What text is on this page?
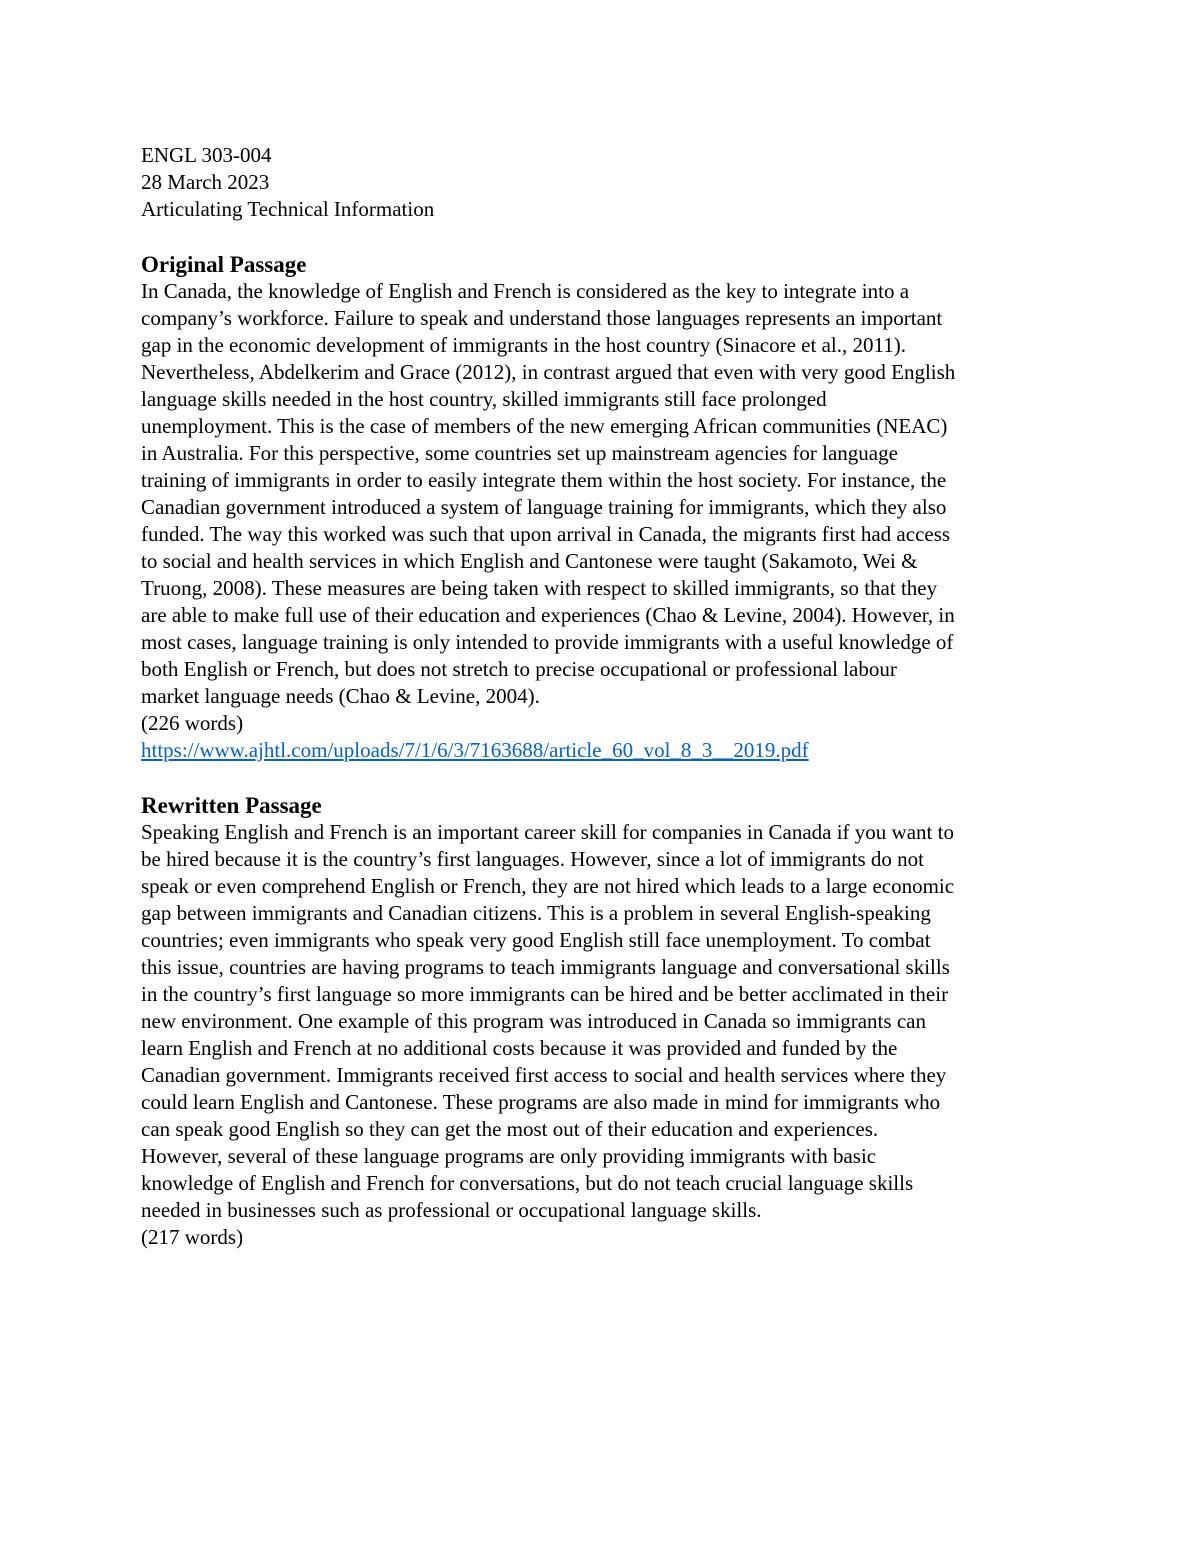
ENGL 303-004
28 March 2023
Articulating Technical Information
Original Passage
In Canada, the knowledge of English and French is considered as the key to integrate into a
company’s workforce. Failure to speak and understand those languages represents an important
gap in the economic development of immigrants in the host country (Sinacore et al., 2011).
Nevertheless, Abdelkerim and Grace (2012), in contrast argued that even with very good English
language skills needed in the host country, skilled immigrants still face prolonged
unemployment. This is the case of members of the new emerging African communities (NEAC)
in Australia. For this perspective, some countries set up mainstream agencies for language
training of immigrants in order to easily integrate them within the host society. For instance, the
Canadian government introduced a system of language training for immigrants, which they also
funded. The way this worked was such that upon arrival in Canada, the migrants first had access
to social and health services in which English and Cantonese were taught (Sakamoto, Wei &
Truong, 2008). These measures are being taken with respect to skilled immigrants, so that they
are able to make full use of their education and experiences (Chao & Levine, 2004). However, in
most cases, language training is only intended to provide immigrants with a useful knowledge of
both English or French, but does not stretch to precise occupational or professional labour
market language needs (Chao & Levine, 2004).
(226 words)
https://www.ajhtl.com/uploads/7/1/6/3/7163688/article_60_vol_8_3__2019.pdf
Rewritten Passage
Speaking English and French is an important career skill for companies in Canada if you want to
be hired because it is the country’s first languages. However, since a lot of immigrants do not
speak or even comprehend English or French, they are not hired which leads to a large economic
gap between immigrants and Canadian citizens. This is a problem in several English-speaking
countries; even immigrants who speak very good English still face unemployment. To combat
this issue, countries are having programs to teach immigrants language and conversational skills
in the country’s first language so more immigrants can be hired and be better acclimated in their
new environment. One example of this program was introduced in Canada so immigrants can
learn English and French at no additional costs because it was provided and funded by the
Canadian government. Immigrants received first access to social and health services where they
could learn English and Cantonese. These programs are also made in mind for immigrants who
can speak good English so they can get the most out of their education and experiences.
However, several of these language programs are only providing immigrants with basic
knowledge of English and French for conversations, but do not teach crucial language skills
needed in businesses such as professional or occupational language skills.
(217 words)
